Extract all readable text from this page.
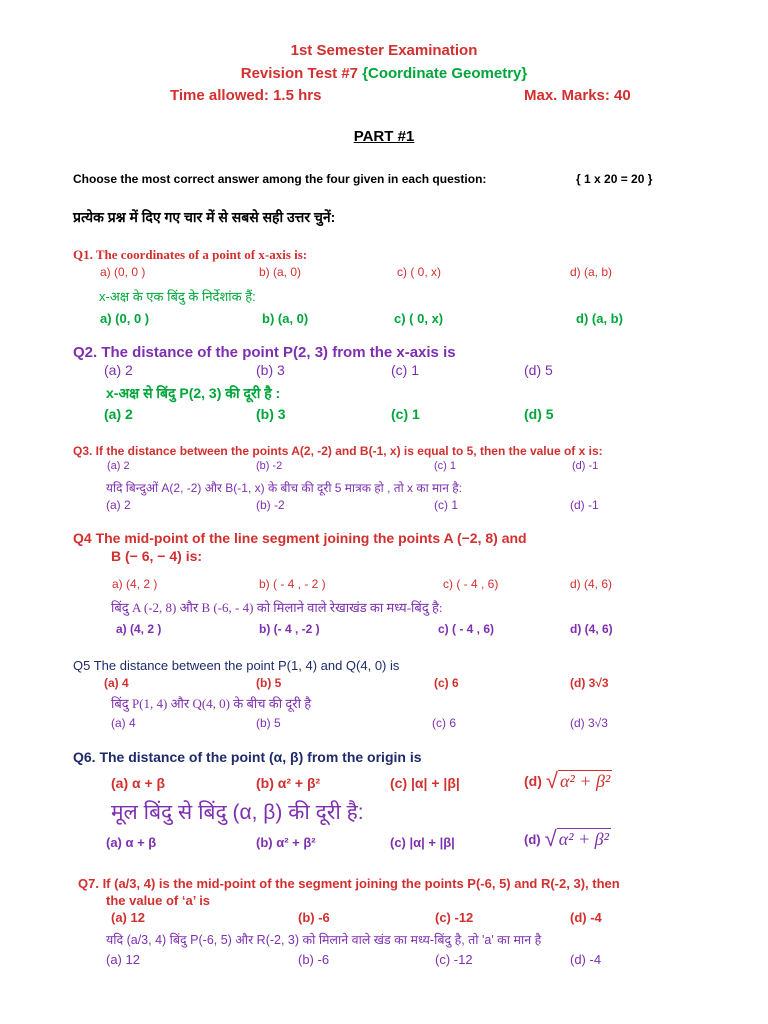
1st Semester Examination
Revision Test #7 {Coordinate Geometry}
Time allowed: 1.5 hrs	Max. Marks: 40
PART #1
Choose the most correct answer among the four given in each question:	{ 1 x 20 = 20 }
प्रत्येक प्रश्न में दिए गए चार में से सबसे सही उत्तर चुनें:
Q1. The coordinates of a point of x-axis is:
a) (0, 0 )	b) (a, 0)	c) ( 0, x)	d) (a, b)
x-अक्ष के एक बिंदु के निर्देशांक हैं:
a) (0, 0 )	b) (a, 0)	c) ( 0, x)	d) (a, b)
Q2. The distance of the point P(2, 3) from the x-axis is
(a) 2	(b) 3	(c) 1	(d) 5
x-अक्ष से बिंदु P(2, 3) की दूरी है :
(a) 2	(b) 3	(c) 1	(d) 5
Q3. If the distance between the points A(2, -2) and B(-1, x) is equal to 5, then the value of x is:
(a) 2	(b) -2	(c) 1	(d) -1
यदि बिन्दुओं A(2, -2) और B(-1, x) के बीच की दूरी 5 मात्रक हो , तो x का मान है:
(a) 2	(b) -2	(c) 1	(d) -1
Q4 The mid-point of the line segment joining the points A (−2, 8) and
B (− 6, − 4) is:
a) (4, 2 )	b) ( - 4 , - 2 )	c) ( - 4 , 6)	d) (4, 6)
बिंदु A (-2, 8) और B (-6, - 4) को मिलाने वाले रेखाखंड का मध्य-बिंदु है:
a) (4, 2 )	b) (- 4 , -2 )	c) ( - 4 , 6)	d) (4, 6)
Q5 The distance between the point P(1, 4) and Q(4, 0) is
(a) 4	(b) 5	(c) 6	(d) 3√3
बिंदु P(1, 4) और Q(4, 0) के बीच की दूरी है
(a) 4	(b) 5	(c) 6	(d) 3√3
Q6. The distance of the point (α, β) from the origin is
(a) α + β	(b) α² + β²	(c) |α| + |β|	(d) √ α² + β²
मूल बिंदु से बिंदु (α, β) की दूरी है:
(a) α + β	(b) α² + β²	(c) |α| + |β|	(d) √ α² + β²
Q7. If (a/3, 4) is the mid-point of the segment joining the points P(-6, 5) and R(-2, 3), then
the value of ‘a’ is
(a) 12	(b) -6	(c) -12	(d) -4
यदि (a/3, 4) बिंदु P(-6, 5) और R(-2, 3) को मिलाने वाले खंड का मध्य-बिंदु है, तो 'a' का मान है
(a) 12	(b) -6	(c) -12	(d) -4
